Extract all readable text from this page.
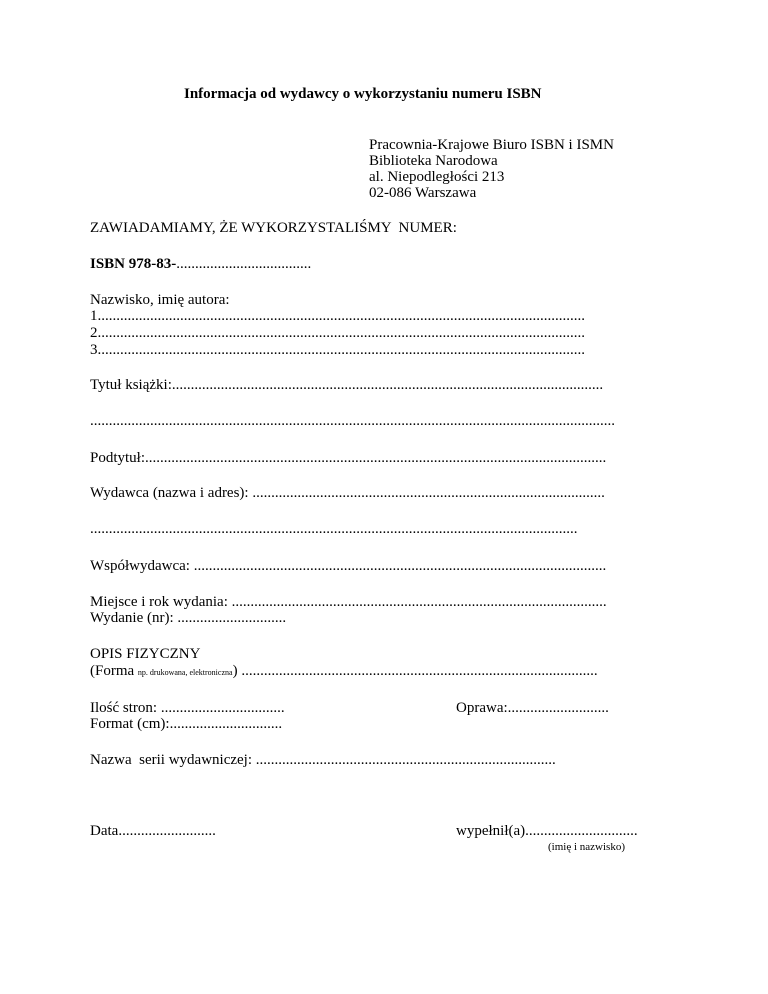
Informacja od wydawcy o wykorzystaniu numeru ISBN
Pracownia-Krajowe Biuro ISBN i ISMN
Biblioteka Narodowa
al. Niepodległości 213
02-086 Warszawa
ZAWIADAMIAMY, ŻE WYKORZYSTALIŚMY  NUMER:
ISBN 978-83-....................................
Nazwisko, imię autora:
1..................................................................................................................................
2..................................................................................................................................
3..................................................................................................................................
Tytuł książki:...................................................................................................................
............................................................................................................................................
Podtytuł:...........................................................................................................................
Wydawca (nazwa i adres): ..............................................................................................
..................................................................................................................................
Współwydawca: ..............................................................................................................
Miejsce i rok wydania: ....................................................................................................
Wydanie (nr): .............................
OPIS FIZYCZNY
(Forma np. drukowana, elektroniczna) ...............................................................................................
Ilość stron: .................................
Format (cm):..............................
Oprawa:...........................
Nazwa  serii wydawniczej: ................................................................................
Data..........................	wypełnił(a)..............................
(imię i nazwisko)
